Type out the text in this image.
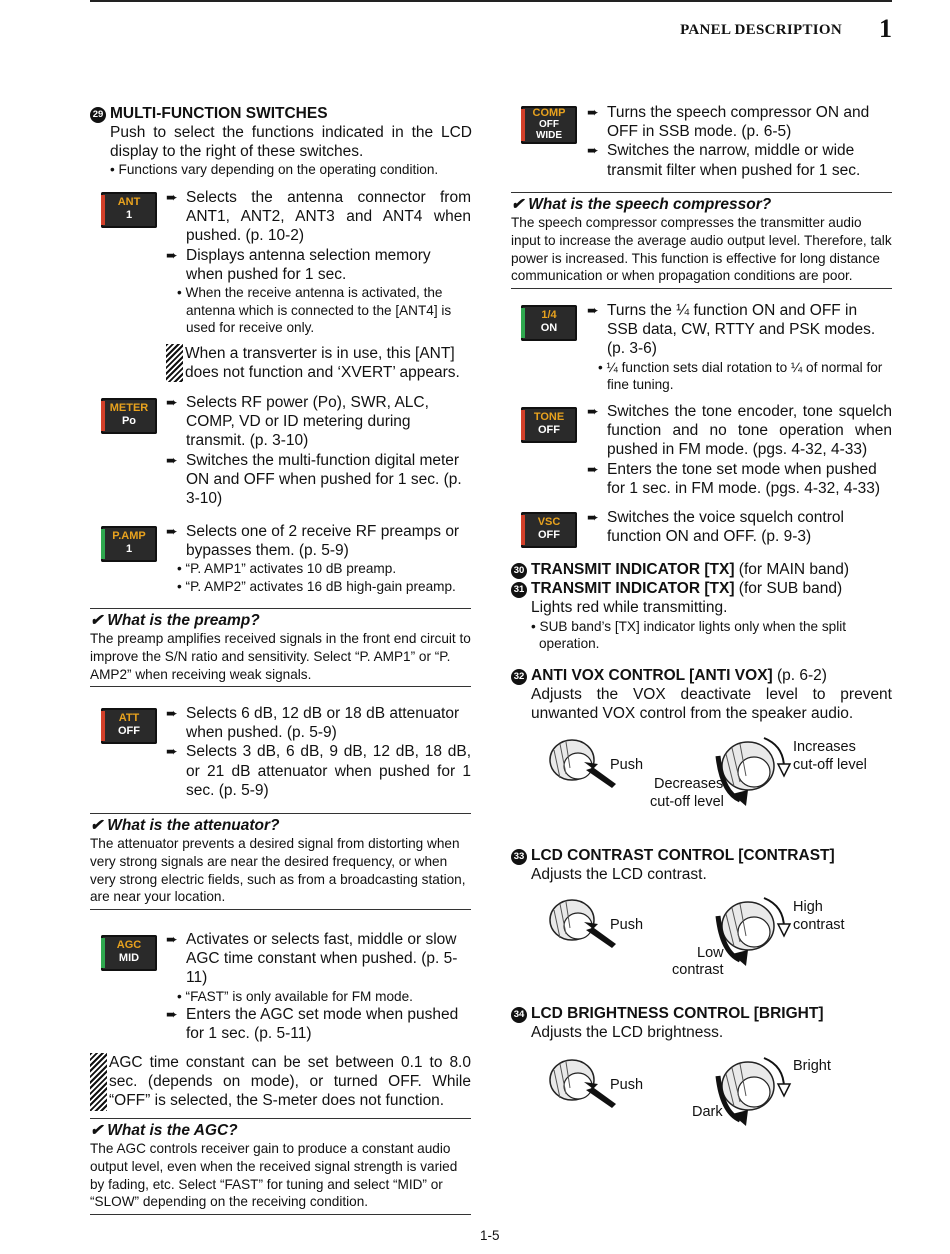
PANEL DESCRIPTION 1
29 MULTI-FUNCTION SWITCHES
Push to select the functions indicated in the LCD display to the right of these switches.
• Functions vary depending on the operating condition.
ANT
1
➨ Selects the antenna connector from ANT1, ANT2, ANT3 and ANT4 when pushed. (p. 10-2)
➨ Displays antenna selection memory when pushed for 1 sec.
• When the receive antenna is activated, the antenna which is connected to the [ANT4] is used for receive only.
When a transverter is in use, this [ANT] does not function and ‘XVERT’ appears.
METER
Po
➨ Selects RF power (Po), SWR, ALC, COMP, VD or ID metering during transmit. (p. 3-10)
➨ Switches the multi-function digital meter ON and OFF when pushed for 1 sec. (p. 3-10)
P.AMP
1
➨ Selects one of 2 receive RF preamps or bypasses them. (p. 5-9)
• “P. AMP1” activates 10 dB preamp.
• “P. AMP2” activates 16 dB high-gain preamp.
✔ What is the preamp?
The preamp amplifies received signals in the front end circuit to improve the S/N ratio and sensitivity. Select “P. AMP1” or “P. AMP2” when receiving weak signals.
ATT
OFF
➨ Selects 6 dB, 12 dB or 18 dB attenuator when pushed. (p. 5-9)
➨ Selects 3 dB, 6 dB, 9 dB, 12 dB, 18 dB, or 21 dB attenuator when pushed for 1 sec. (p. 5-9)
✔ What is the attenuator?
The attenuator prevents a desired signal from distorting when very strong signals are near the desired frequency, or when very strong electric fields, such as from a broadcasting station, are near your location.
AGC
MID
➨ Activates or selects fast, middle or slow AGC time constant when pushed. (p. 5-11)
• “FAST” is only available for FM mode.
➨ Enters the AGC set mode when pushed for 1 sec. (p. 5-11)
AGC time constant can be set between 0.1 to 8.0 sec. (depends on mode), or turned OFF. While “OFF” is selected, the S-meter does not function.
✔ What is the AGC?
The AGC controls receiver gain to produce a constant audio output level, even when the received signal strength is varied by fading, etc. Select “FAST” for tuning and select “MID” or “SLOW” depending on the receiving condition.
COMP
OFF
WIDE
➨ Turns the speech compressor ON and OFF in SSB mode. (p. 6-5)
➨ Switches the narrow, middle or wide transmit filter when pushed for 1 sec.
✔ What is the speech compressor?
The speech compressor compresses the transmitter audio input to increase the average audio output level. Therefore, talk power is increased. This function is effective for long distance communication or when propagation conditions are poor.
1/4
ON
➨ Turns the ¼ function ON and OFF in SSB data, CW, RTTY and PSK modes. (p. 3-6)
• ¼ function sets dial rotation to ¼ of normal for fine tuning.
TONE
OFF
➨ Switches the tone encoder, tone squelch function and no tone operation when pushed in FM mode. (pgs. 4-32, 4-33)
➨ Enters the tone set mode when pushed for 1 sec. in FM mode. (pgs. 4-32, 4-33)
VSC
OFF
➨ Switches the voice squelch control function ON and OFF. (p. 9-3)
30 TRANSMIT INDICATOR [TX] (for MAIN band)
31 TRANSMIT INDICATOR [TX] (for SUB band)
Lights red while transmitting.
• SUB band’s [TX] indicator lights only when the split operation.
32 ANTI VOX CONTROL [ANTI VOX] (p. 6-2)
Adjusts the VOX deactivate level to prevent unwanted VOX control from the speaker audio.
Push
Increases
cut-off level
Decreases
cut-off level
33 LCD CONTRAST CONTROL [CONTRAST]
Adjusts the LCD contrast.
Push
High
contrast
Low
contrast
34 LCD BRIGHTNESS CONTROL [BRIGHT]
Adjusts the LCD brightness.
Push
Bright
Dark
1-5
